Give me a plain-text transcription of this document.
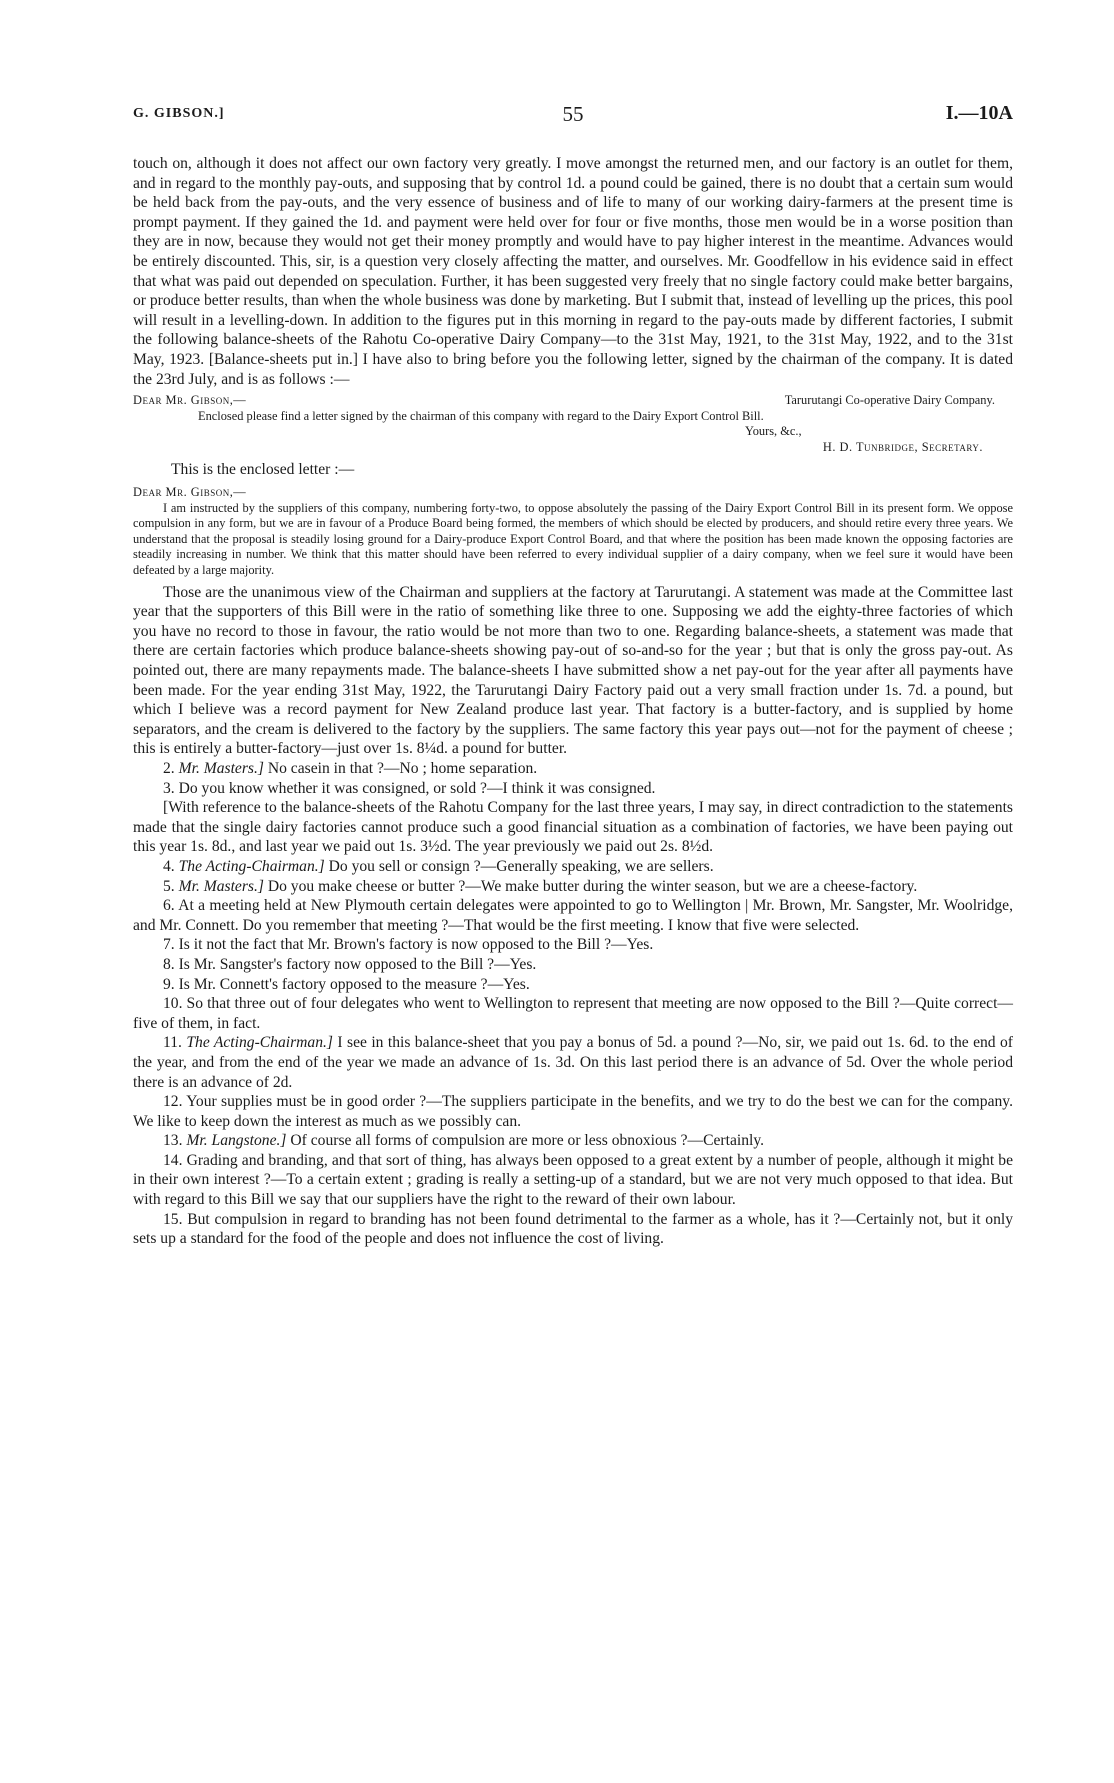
G. GIBSON.]	55	I.—10A

touch on, although it does not affect our own factory very greatly. I move amongst the returned men, and our factory is an outlet for them, and in regard to the monthly pay-outs, and supposing that by control 1d. a pound could be gained, there is no doubt that a certain sum would be held back from the pay-outs, and the very essence of business and of life to many of our working dairy-farmers at the present time is prompt payment. If they gained the 1d. and payment were held over for four or five months, those men would be in a worse position than they are in now, because they would not get their money promptly and would have to pay higher interest in the meantime. Advances would be entirely discounted. This, sir, is a question very closely affecting the matter, and ourselves. Mr. Goodfellow in his evidence said in effect that what was paid out depended on speculation. Further, it has been suggested very freely that no single factory could make better bargains, or produce better results, than when the whole business was done by marketing. But I submit that, instead of levelling up the prices, this pool will result in a levelling-down. In addition to the figures put in this morning in regard to the pay-outs made by different factories, I submit the following balance-sheets of the Rahotu Co-operative Dairy Company—to the 31st May, 1921, to the 31st May, 1922, and to the 31st May, 1923. [Balance-sheets put in.] I have also to bring before you the following letter, signed by the chairman of the company. It is dated the 23rd July, and is as follows :—

Dear Mr. Gibson,—	Tarurutangi Co-operative Dairy Company.

Enclosed please find a letter signed by the chairman of this company with regard to the Dairy Export Control Bill.

Yours, &c.,
H. D. Tunbridge, Secretary.
This is the enclosed letter :—
Dear Mr. Gibson,—

I am instructed by the suppliers of this company, numbering forty-two, to oppose absolutely the passing of the Dairy Export Control Bill in its present form. We oppose compulsion in any form, but we are in favour of a Produce Board being formed, the members of which should be elected by producers, and should retire every three years. We understand that the proposal is steadily losing ground for a Dairy-produce Export Control Board, and that where the position has been made known the opposing factories are steadily increasing in number. We think that this matter should have been referred to every individual supplier of a dairy company, when we feel sure it would have been defeated by a large majority.

Those are the unanimous view of the Chairman and suppliers at the factory at Tarurutangi. A statement was made at the Committee last year that the supporters of this Bill were in the ratio of something like three to one. Supposing we add the eighty-three factories of which you have no record to those in favour, the ratio would be not more than two to one. Regarding balance-sheets, a statement was made that there are certain factories which produce balance-sheets showing pay-out of so-and-so for the year ; but that is only the gross pay-out. As pointed out, there are many repayments made. The balance-sheets I have submitted show a net pay-out for the year after all payments have been made. For the year ending 31st May, 1922, the Tarurutangi Dairy Factory paid out a very small fraction under 1s. 7d. a pound, but which I believe was a record payment for New Zealand produce last year. That factory is a butter-factory, and is supplied by home separators, and the cream is delivered to the factory by the suppliers. The same factory this year pays out—not for the payment of cheese ; this is entirely a butter-factory—just over 1s. 8¼d. a pound for butter.

2. Mr. Masters.] No casein in that ?—No ; home separation.

3. Do you know whether it was consigned, or sold ?—I think it was consigned.

[With reference to the balance-sheets of the Rahotu Company for the last three years, I may say, in direct contradiction to the statements made that the single dairy factories cannot produce such a good financial situation as a combination of factories, we have been paying out this year 1s. 8d., and last year we paid out 1s. 3½d. The year previously we paid out 2s. 8½d.

4. The Acting-Chairman.] Do you sell or consign ?—Generally speaking, we are sellers.

5. Mr. Masters.] Do you make cheese or butter ?—We make butter during the winter season, but we are a cheese-factory.

6. At a meeting held at New Plymouth certain delegates were appointed to go to Wellington | Mr. Brown, Mr. Sangster, Mr. Woolridge, and Mr. Connett. Do you remember that meeting ?—That would be the first meeting. I know that five were selected.

7. Is it not the fact that Mr. Brown's factory is now opposed to the Bill ?—Yes.

8. Is Mr. Sangster's factory now opposed to the Bill ?—Yes.

9. Is Mr. Connett's factory opposed to the measure ?—Yes.

10. So that three out of four delegates who went to Wellington to represent that meeting are now opposed to the Bill ?—Quite correct—five of them, in fact.

11. The Acting-Chairman.] I see in this balance-sheet that you pay a bonus of 5d. a pound ?—No, sir, we paid out 1s. 6d. to the end of the year, and from the end of the year we made an advance of 1s. 3d. On this last period there is an advance of 5d. Over the whole period there is an advance of 2d.

12. Your supplies must be in good order ?—The suppliers participate in the benefits, and we try to do the best we can for the company. We like to keep down the interest as much as we possibly can.

13. Mr. Langstone.] Of course all forms of compulsion are more or less obnoxious ?—Certainly.

14. Grading and branding, and that sort of thing, has always been opposed to a great extent by a number of people, although it might be in their own interest ?—To a certain extent ; grading is really a setting-up of a standard, but we are not very much opposed to that idea. But with regard to this Bill we say that our suppliers have the right to the reward of their own labour.

15. But compulsion in regard to branding has not been found detrimental to the farmer as a whole, has it ?—Certainly not, but it only sets up a standard for the food of the people and does not influence the cost of living.
